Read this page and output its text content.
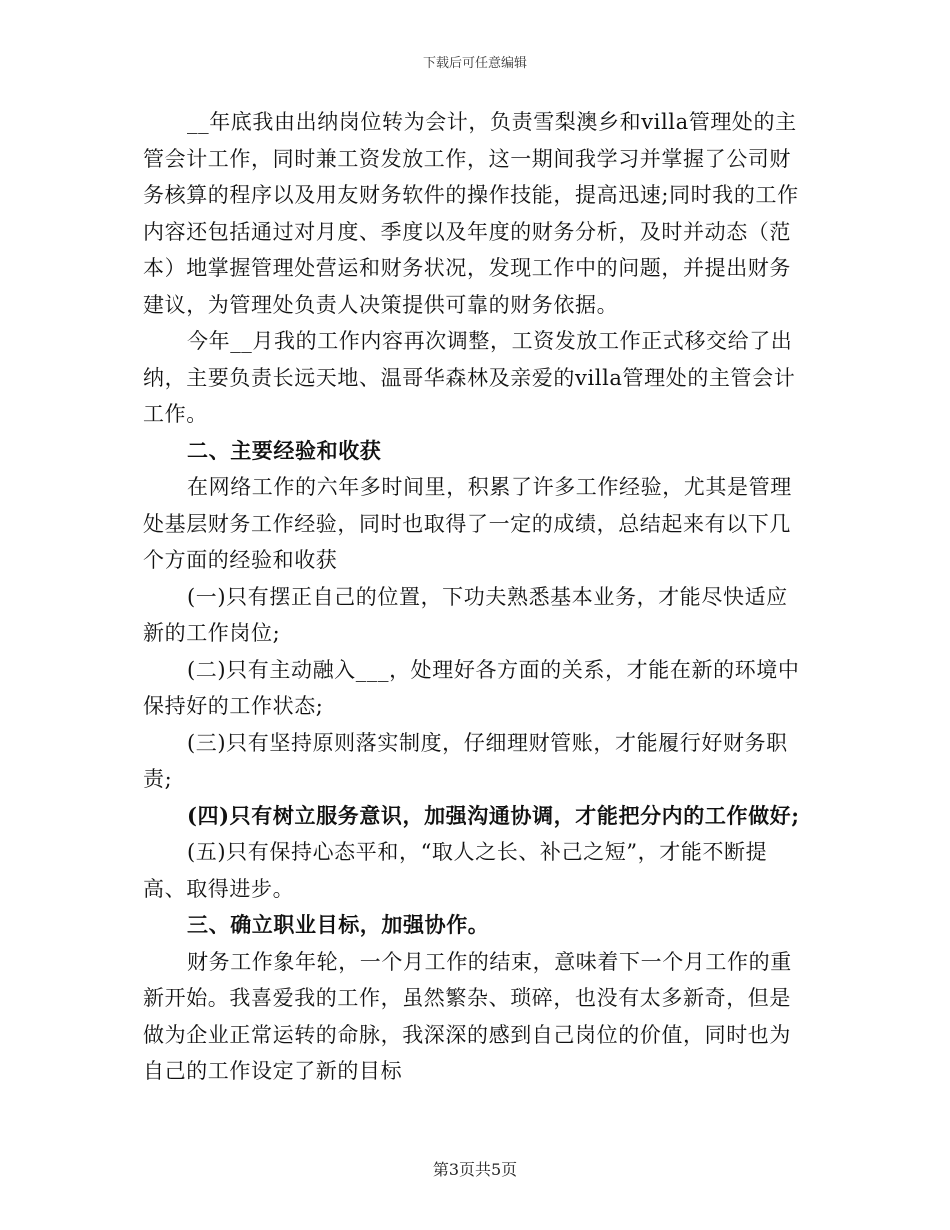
下载后可任意编辑

__年底我由出纳岗位转为会计，负责雪梨澳乡和villa管理处的主管会计工作，同时兼工资发放工作，这一期间我学习并掌握了公司财务核算的程序以及用友财务软件的操作技能，提高迅速;同时我的工作内容还包括通过对月度、季度以及年度的财务分析，及时并动态（范本）地掌握管理处营运和财务状况，发现工作中的问题，并提出财务建议，为管理处负责人决策提供可靠的财务依据。

今年__月我的工作内容再次调整，工资发放工作正式移交给了出纳，主要负责长远天地、温哥华森林及亲爱的villa管理处的主管会计工作。

二、主要经验和收获

在网络工作的六年多时间里，积累了许多工作经验，尤其是管理处基层财务工作经验，同时也取得了一定的成绩，总结起来有以下几个方面的经验和收获

(一)只有摆正自己的位置，下功夫熟悉基本业务，才能尽快适应新的工作岗位;

(二)只有主动融入___，处理好各方面的关系，才能在新的环境中保持好的工作状态;

(三)只有坚持原则落实制度，仔细理财管账，才能履行好财务职责;

(四)只有树立服务意识，加强沟通协调，才能把分内的工作做好;

(五)只有保持心态平和，“取人之长、补己之短”，才能不断提高、取得进步。

三、确立职业目标，加强协作。

财务工作象年轮，一个月工作的结束，意味着下一个月工作的重新开始。我喜爱我的工作，虽然繁杂、琐碎，也没有太多新奇，但是做为企业正常运转的命脉，我深深的感到自己岗位的价值，同时也为自己的工作设定了新的目标

第3页共5页
